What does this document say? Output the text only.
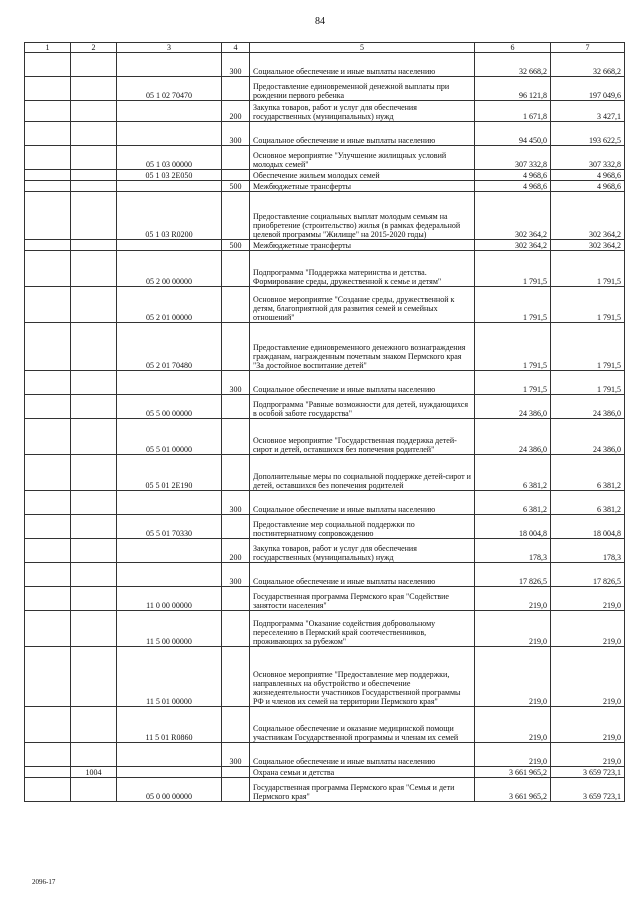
84
1	2	3	4	5	6	7
			300	Социальное обеспечение и иные выплаты населению	32 668,2	32 668,2
		05 1 02 70470		Предоставление единовременной денежной выплаты при рождении первого ребенка	96 121,8	197 049,6
			200	Закупка товаров, работ и услуг для обеспечения государственных (муниципальных) нужд	1 671,8	3 427,1
			300	Социальное обеспечение и иные выплаты населению	94 450,0	193 622,5
		05 1 03 00000		Основное мероприятие "Улучшение жилищных условий молодых семей"	307 332,8	307 332,8
		05 1 03 2Е050		Обеспечение жильем молодых семей	4 968,6	4 968,6
			500	Межбюджетные трансферты	4 968,6	4 968,6
		05 1 03 R0200		Предоставление социальных выплат молодым семьям на приобретение (строительство) жилья (в рамках федеральной целевой программы "Жилище" на 2015-2020 годы)	302 364,2	302 364,2
			500	Межбюджетные трансферты	302 364,2	302 364,2
		05 2 00 00000		Подпрограмма "Поддержка материнства и детства. Формирование среды, дружественной к семье и детям"	1 791,5	1 791,5
		05 2 01 00000		Основное мероприятие "Создание среды, дружественной к детям, благоприятной для развития семей и семейных отношений"	1 791,5	1 791,5
		05 2 01 70480		Предоставление единовременного денежного вознаграждения гражданам, награжденным почетным знаком Пермского края "За достойное воспитание детей"	1 791,5	1 791,5
			300	Социальное обеспечение и иные выплаты населению	1 791,5	1 791,5
		05 5 00 00000		Подпрограмма "Равные возможности для детей, нуждающихся в особой заботе государства"	24 386,0	24 386,0
		05 5 01 00000		Основное мероприятие "Государственная поддержка детей-сирот и детей, оставшихся без попечения родителей"	24 386,0	24 386,0
		05 5 01 2Е190		Дополнительные меры по социальной поддержке детей-сирот и детей, оставшихся без попечения родителей	6 381,2	6 381,2
			300	Социальное обеспечение и иные выплаты населению	6 381,2	6 381,2
		05 5 01 70330		Предоставление мер социальной поддержки по постинтернатному сопровождению	18 004,8	18 004,8
			200	Закупка товаров, работ и услуг для обеспечения государственных (муниципальных) нужд	178,3	178,3
			300	Социальное обеспечение и иные выплаты населению	17 826,5	17 826,5
		11 0 00 00000		Государственная программа Пермского края "Содействие занятости населения"	219,0	219,0
		11 5 00 00000		Подпрограмма "Оказание содействия добровольному переселению в Пермский край соотечественников, проживающих за рубежом"	219,0	219,0
		11 5 01 00000		Основное мероприятие "Предоставление мер поддержки, направленных на обустройство и обеспечение жизнедеятельности участников Государственной программы РФ и членов их семей на территории Пермского края"	219,0	219,0
		11 5 01 R0860		Социальное обеспечение и оказание медицинской помощи участникам Государственной программы и членам их семей	219,0	219,0
			300	Социальное обеспечение и иные выплаты населению	219,0	219,0
	1004			Охрана семьи и детства	3 661 965,2	3 659 723,1
		05 0 00 00000		Государственная программа Пермского края "Семья и дети Пермского края"	3 661 965,2	3 659 723,1
2096-17
